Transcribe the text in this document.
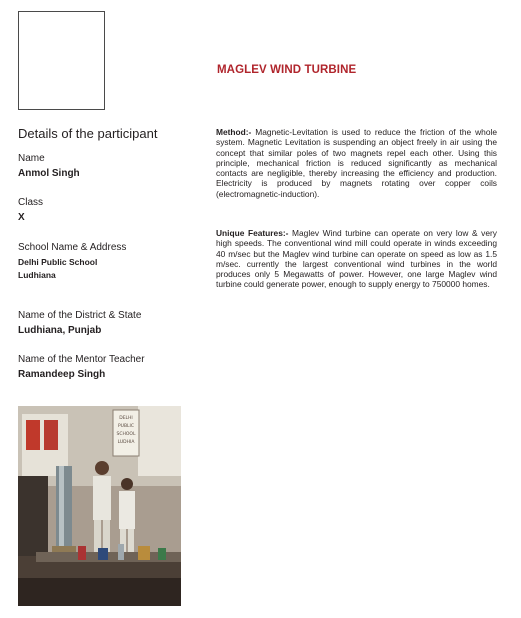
MAGLEV WIND TURBINE
Details of the participant
Name
Anmol Singh
Class
X
School Name & Address
Delhi Public School
Ludhiana
Name of the District & State
Ludhiana, Punjab
Name of the Mentor Teacher
Ramandeep Singh

Method:- Magnetic-Levitation is used to reduce the friction of the whole system. Magnetic Levitation is suspending an object freely in air using the concept that similar poles of two magnets repel each other. Using this principle, mechanical friction is reduced significantly as mechanical contacts are negligible, thereby increasing the efficiency and production. Electricity is produced by magnets rotating over copper coils (electromagnetic-induction).

Unique Features:- Maglev Wind turbine can operate on very low & very high speeds. The conventional wind mill could operate in winds exceeding 40 m/sec but the Maglev wind turbine can operate on speed as low as 1.5 m/sec. currently the largest conventional wind turbines in the world produces only 5 Megawatts of power. However, one large Maglev wind turbine could generate power, enough to supply energy to 750000 homes.

DELHI
PUBLIC
SCHOOL
LUDHIA
